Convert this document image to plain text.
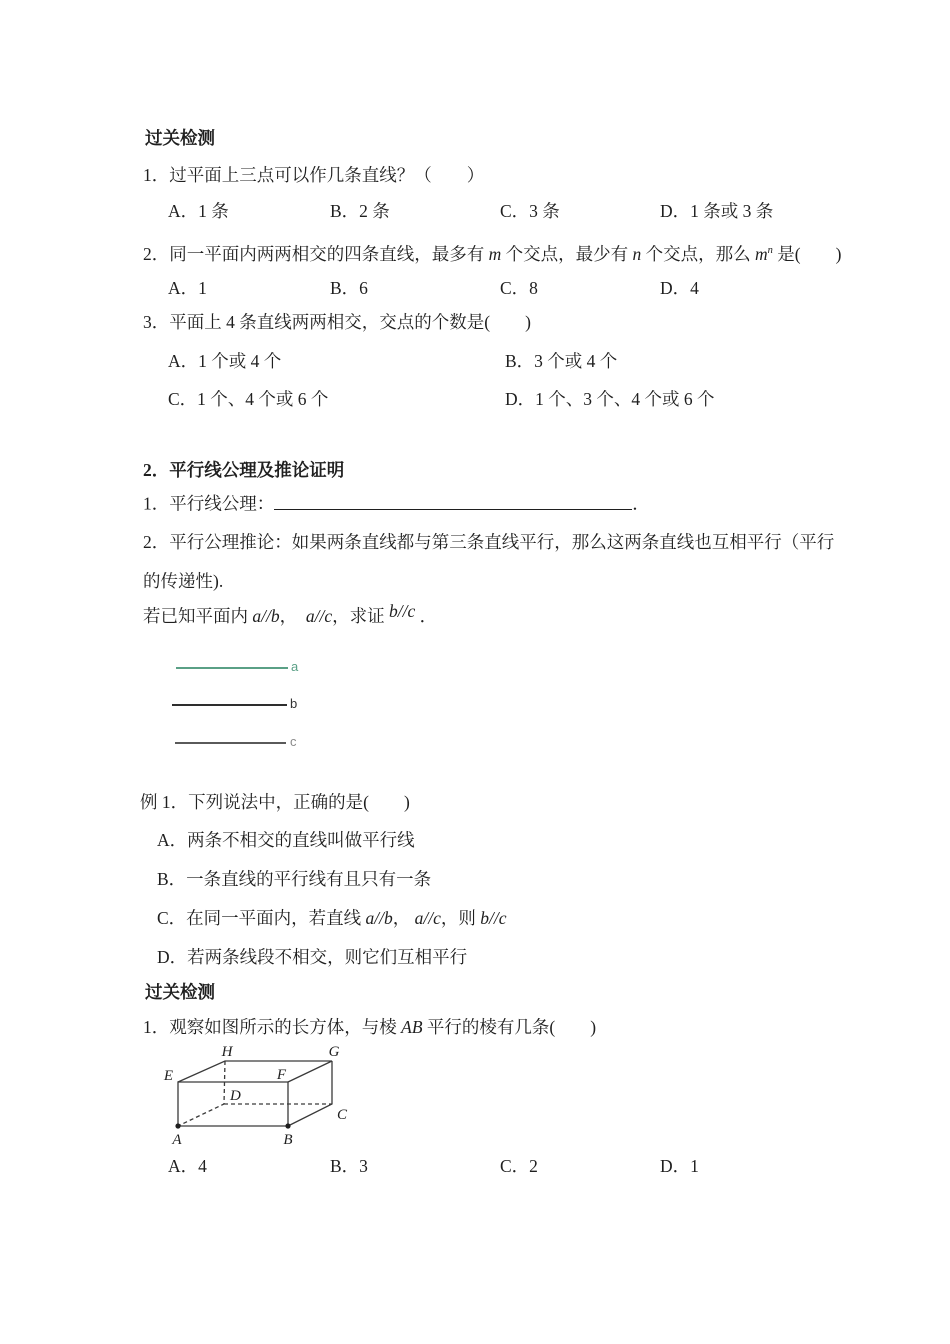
过关检测
1．过平面上三点可以作几条直线？（　　）
A．1 条	B．2 条	C．3 条	D．1 条或 3 条
2．同一平面内两两相交的四条直线，最多有 m 个交点，最少有 n 个交点，那么 $m^n$ 是(　　)
A．1	B．6	C．8	D．4
3．平面上 4 条直线两两相交，交点的个数是(　　)
A．1 个或 4 个	B．3 个或 4 个
C．1 个、4 个或 6 个	D．1 个、3 个、4 个或 6 个
2．平行线公理及推论证明
1．平行线公理：	．
2．平行公理推论：如果两条直线都与第三条直线平行，那么这两条直线也互相平行（平行
的传递性).
若已知平面内 a//b，  a//c，求证 b//c ．
a
b
c
例 1．下列说法中，正确的是(　　)
A．两条不相交的直线叫做平行线
B．一条直线的平行线有且只有一条
C．在同一平面内，若直线 a//b， a//c，则 b//c
D．若两条线段不相交，则它们互相平行
过关检测
1．观察如图所示的长方体，与棱 AB 平行的棱有几条(　　)
H	G
E	F
D
C
A	B
A．4	B．3	C．2	D．1
